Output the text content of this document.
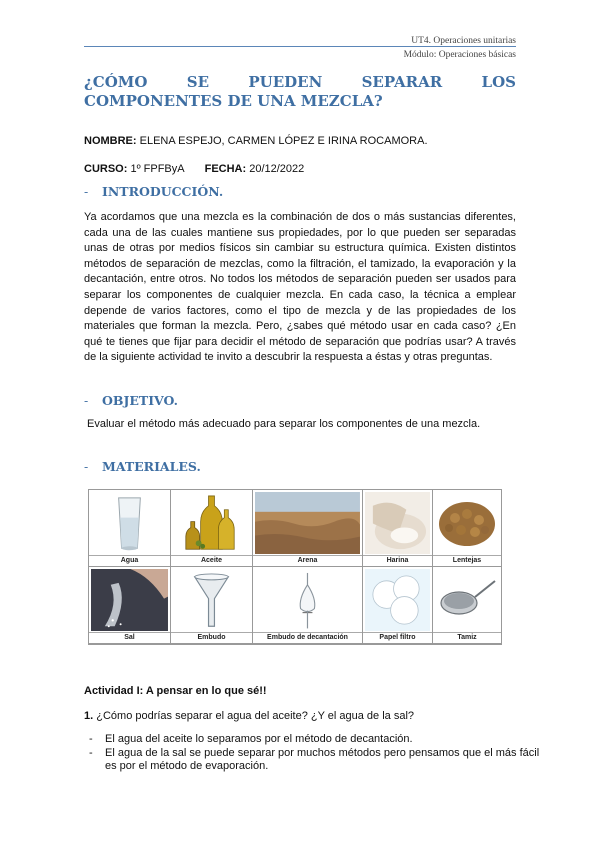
UT4. Operaciones unitarias
Módulo: Operaciones básicas
¿CÓMO SE PUEDEN SEPARAR LOS COMPONENTES DE UNA MEZCLA?
NOMBRE: ELENA ESPEJO, CARMEN LÓPEZ E IRINA ROCAMORA.
CURSO: 1º FPFByA FECHA: 20/12/2022
- INTRODUCCIÓN.
Ya acordamos que una mezcla es la combinación de dos o más sustancias diferentes, cada una de las cuales mantiene sus propiedades, por lo que pueden ser separadas unas de otras por medios físicos sin cambiar su estructura química. Existen distintos métodos de separación de mezclas, como la filtración, el tamizado, la evaporación y la decantación, entre otros. No todos los métodos de separación pueden ser usados para separar los componentes de cualquier mezcla. En cada caso, la técnica a emplear depende de varios factores, como el tipo de mezcla y de las propiedades de los materiales que forman la mezcla. Pero, ¿sabes qué método usar en cada caso? ¿En qué te tienes que fijar para decidir el método de separación que podrías usar? A través de la siguiente actividad te invito a descubrir la respuesta a éstas y otras preguntas.
- OBJETIVO.
Evaluar el método más adecuado para separar los componentes de una mezcla.
- MATERIALES.
Agua	Aceite	Arena	Harina	Lentejas
Sal	Embudo	Embudo de decantación	Papel filtro	Tamiz
Actividad I: A pensar en lo que sé!!
1. ¿Cómo podrías separar el agua del aceite? ¿Y el agua de la sal?
- El agua del aceite lo separamos por el método de decantación.
- El agua de la sal se puede separar por muchos métodos pero pensamos que el más fácil es por el método de evaporación.
